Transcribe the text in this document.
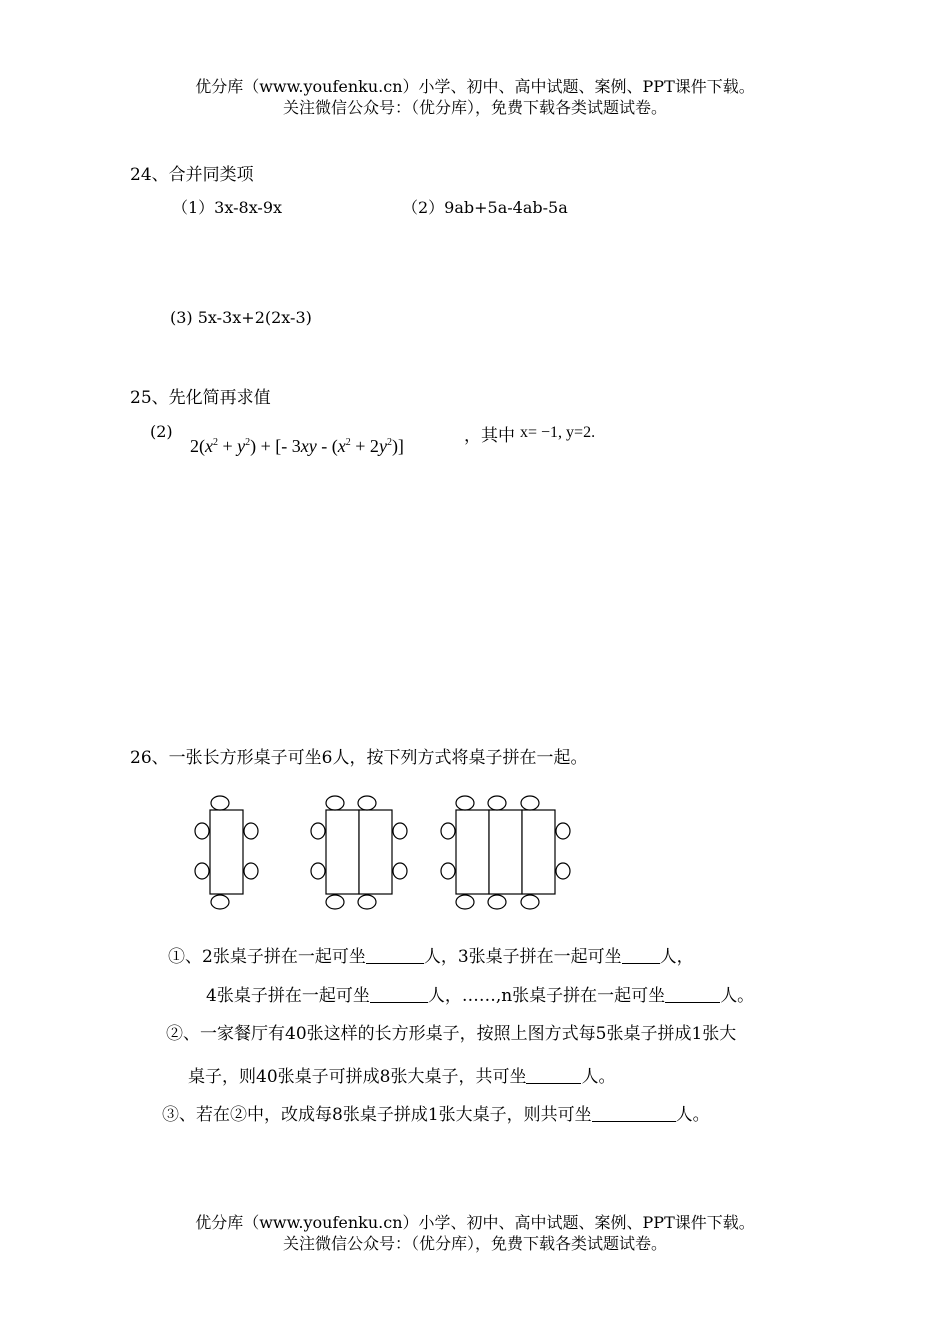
优分库（www.youfenku.cn）小学、初中、高中试题、案例、PPT课件下载。
关注微信公众号：（优分库），免费下载各类试题试卷。
24、合并同类项
（1）3x-8x-9x	（2）9ab+5a-4ab-5a
(3) 5x-3x+2(2x-3)
25、先化简再求值
(2)
$2(x^2 + y^2)$ + [- $3xy - (x^2 + 2y^2)$]	，其中 x= −1, y=2.
26、一张长方形桌子可坐6人，按下列方式将桌子拼在一起。
①、2张桌子拼在一起可坐	人，3张桌子拼在一起可坐 人，
4张桌子拼在一起可坐	人，……,n张桌子拼在一起可坐	人。
②、一家餐厅有40张这样的长方形桌子，按照上图方式每5张桌子拼成1张大
桌子，则40张桌子可拼成8张大桌子，共可坐	人。
③、若在②中，改成每8张桌子拼成1张大桌子，则共可坐	人。
优分库（www.youfenku.cn）小学、初中、高中试题、案例、PPT课件下载。
关注微信公众号：（优分库），免费下载各类试题试卷。
